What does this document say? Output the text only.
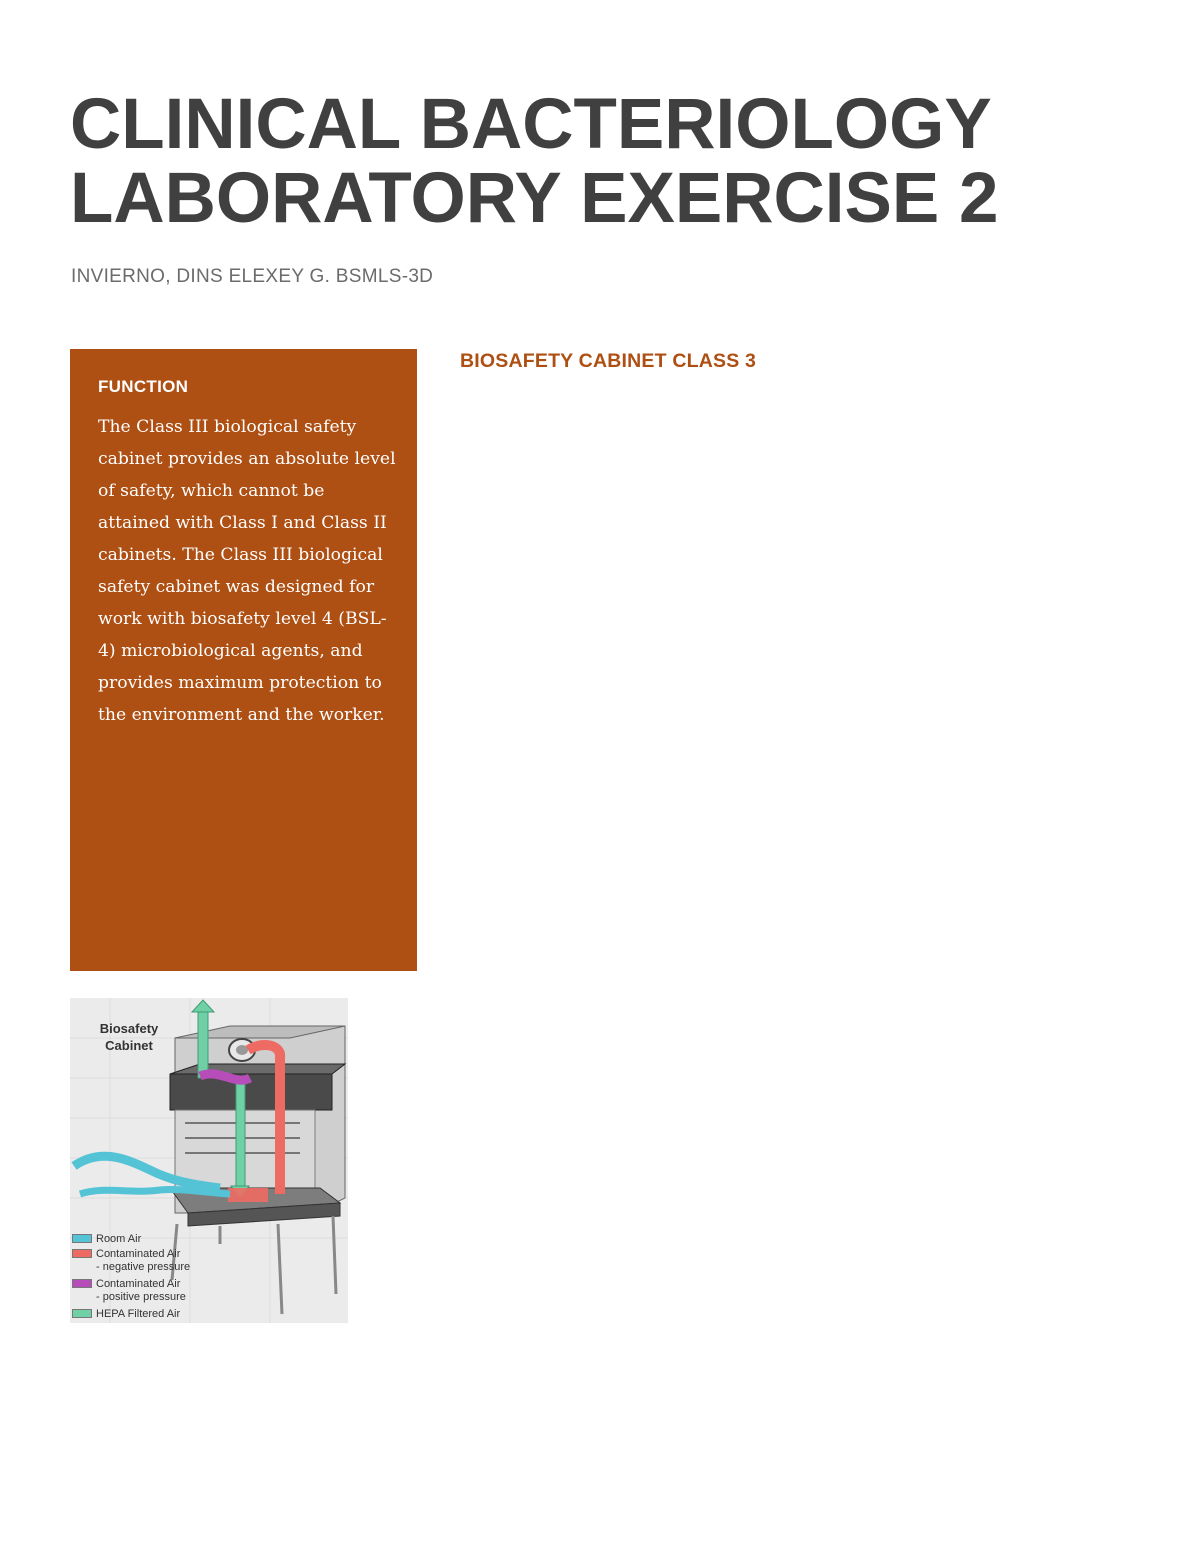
CLINICAL BACTERIOLOGY
LABORATORY EXERCISE 2
INVIERNO, DINS ELEXEY G. BSMLS-3D
FUNCTION

The Class III biological safety cabinet provides an absolute level of safety, which cannot be attained with Class I and Class II cabinets. The Class III biological safety cabinet was designed for work with biosafety level 4 (BSL-4) microbiological agents, and provides maximum protection to the environment and the worker.

BIOSAFETY CABINET CLASS 3
Biosafety
Cabinet
Room Air
Contaminated Air
- negative pressure
Contaminated Air
- positive pressure
HEPA Filtered Air
